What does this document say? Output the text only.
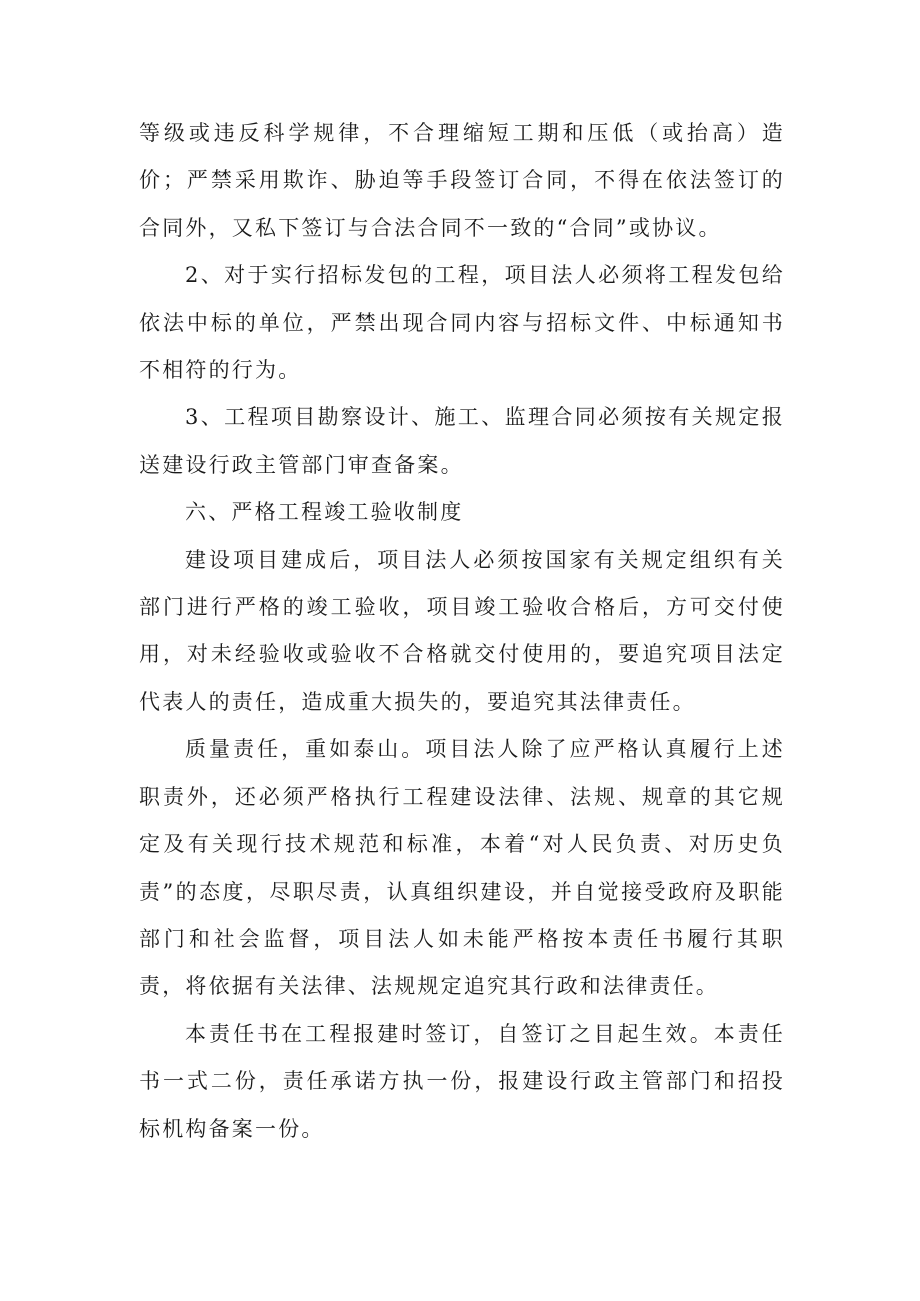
等级或违反科学规律，不合理缩短工期和压低（或抬高）造价；严禁采用欺诈、胁迫等手段签订合同，不得在依法签订的合同外，又私下签订与合法合同不一致的“合同”或协议。

2、对于实行招标发包的工程，项目法人必须将工程发包给依法中标的单位，严禁出现合同内容与招标文件、中标通知书不相符的行为。

3、工程项目勘察设计、施工、监理合同必须按有关规定报送建设行政主管部门审查备案。

六、严格工程竣工验收制度

建设项目建成后，项目法人必须按国家有关规定组织有关部门进行严格的竣工验收，项目竣工验收合格后，方可交付使用，对未经验收或验收不合格就交付使用的，要追究项目法定代表人的责任，造成重大损失的，要追究其法律责任。

质量责任，重如泰山。项目法人除了应严格认真履行上述职责外，还必须严格执行工程建设法律、法规、规章的其它规定及有关现行技术规范和标准，本着“对人民负责、对历史负责”的态度，尽职尽责，认真组织建设，并自觉接受政府及职能部门和社会监督，项目法人如未能严格按本责任书履行其职责，将依据有关法律、法规规定追究其行政和法律责任。

本责任书在工程报建时签订，自签订之目起生效。本责任书一式二份，责任承诺方执一份，报建设行政主管部门和招投标机构备案一份。
